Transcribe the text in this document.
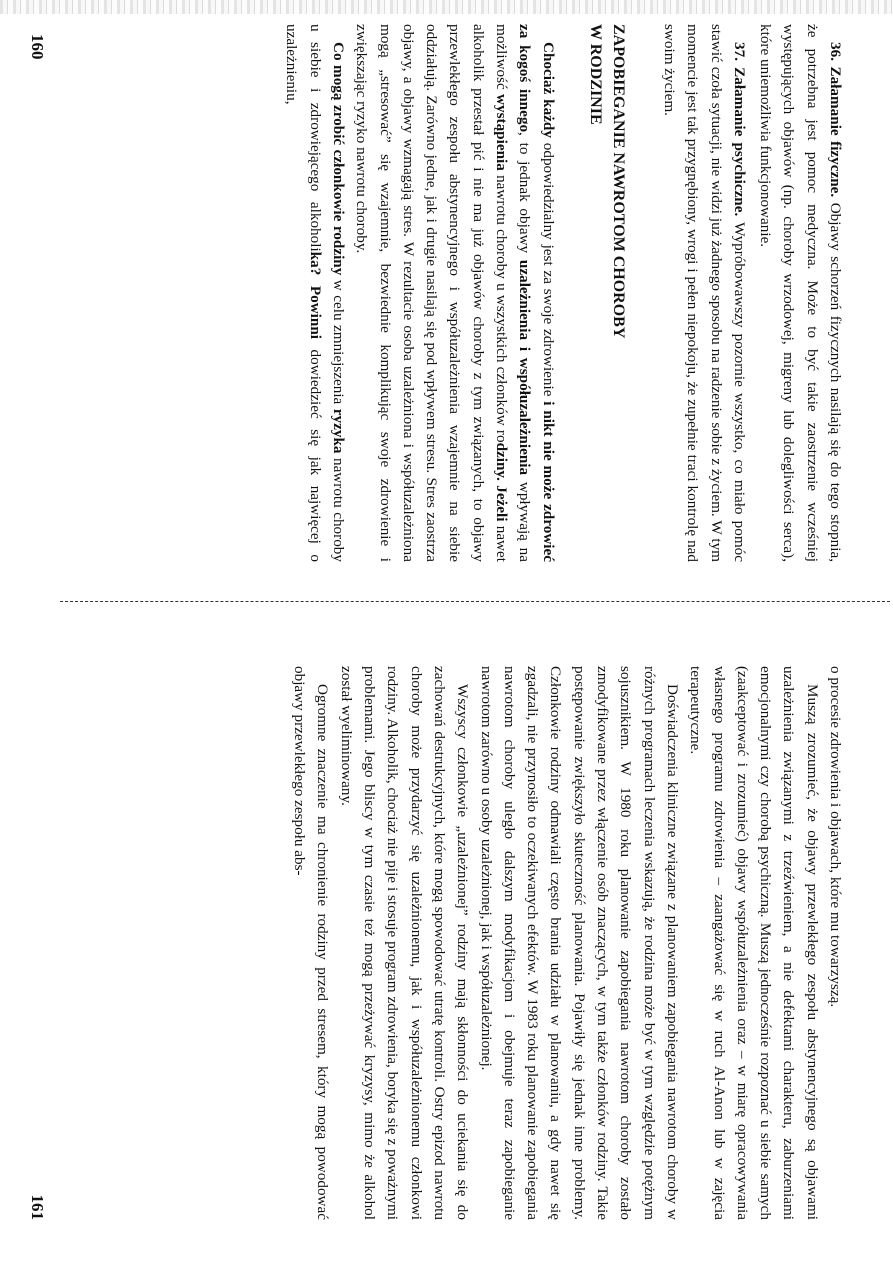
36. Załamanie fizyczne. Objawy schorzeń fizycznych nasilają się do tego stopnia, że potrzebna jest pomoc medyczna. Może to być takie zaostrzenie wcześniej występujących objawów (np. choroby wrzodowej, migreny lub dolegliwości serca), które uniemożliwia funkcjonowanie.

37. Załamanie psychiczne. Wypróbowawszy pozornie wszystko, co miało pomóc stawić czoła sytuacji, nie widzi już żadnego sposobu na radzenie sobie z życiem. W tym momencie jest tak przygnębiony, wrogi i pełen niepokoju, że zupełnie traci kontrolę nad swoim życiem.

ZAPOBIEGANIE NAWROTOM CHOROBY
W RODZINIE

Chociaż każdy odpowiedzialny jest za swoje zdrowienie i nikt nie może zdrowieć za kogoś innego, to jednak objawy uzależnienia i współuzależnienia wpływają na możliwość wystąpienia nawrotu choroby u wszystkich członków rodziny. Jeżeli nawet alkoholik przestał pić i nie ma już objawów choroby z tym związanych, to objawy przewlekłego zespołu abstynencyjnego i współuzależnienia wzajemnie na siebie oddziałują. Zarówno jedne, jak i drugie nasilają się pod wpływem stresu. Stres zaostrza objawy, a objawy wzmagają stres. W rezultacie osoba uzależniona i współuzależniona mogą „stresować” się wzajemnie, bezwiednie komplikując swoje zdrowienie i zwiększając ryzyko nawrotu choroby.

Co mogą zrobić członkowie rodziny w celu zmniejszenia ryzyka nawrotu choroby u siebie i zdrowiejącego alkoholika? Powinni dowiedzieć się jak najwięcej o uzależnieniu,

160

o procesie zdrowienia i objawach, które mu towarzyszą.

Muszą zrozumieć, że objawy przewlekłego zespołu abstynencyjnego są objawami uzależnienia związanymi z trzeźwieniem, a nie defektami charakteru, zaburzeniami emocjonalnymi czy chorobą psychiczną. Muszą jednocześnie rozpoznać u siebie samych (zaakceptować i zrozumieć) objawy współuzależnienia oraz – w miarę opracowywania własnego programu zdrowienia – zaangażować się w ruch Al-Anon lub w zajęcia terapeutyczne.

Doświadczenia kliniczne związane z planowaniem zapobiegania nawrotom choroby w różnych programach leczenia wskazują, że rodzina może być w tym względzie potężnym sojusznikiem. W 1980 roku planowanie zapobiegania nawrotom choroby zostało zmodyfikowane przez włączenie osób znaczących, w tym także członków rodziny. Takie postępowanie zwiększyło skuteczność planowania. Pojawiły się jednak inne problemy. Członkowie rodziny odmawiali często brania udziału w planowaniu, a gdy nawet się zgadzali, nie przynosiło to oczekiwanych efektów. W 1983 roku planowanie zapobiegania nawrotom choroby uległo dalszym modyfikacjom i obejmuje teraz zapobieganie nawrotom zarówno u osoby uzależnionej, jak i współuzależnionej.

Wszyscy członkowie „uzależnionej” rodziny mają skłonności do uciekania się do zachowań destrukcyjnych, które mogą spowodować utratę kontroli. Ostry epizod nawrotu choroby może przydarzyć się uzależnionemu, jak i współuzależnionemu członkowi rodziny. Alkoholik, chociaż nie pije i stosuje program zdrowienia, boryka się z poważnymi problemami. Jego bliscy w tym czasie też mogą przeżywać kryzysy, mimo że alkohol został wyeliminowany.

Ogromne znaczenie ma chronienie rodziny przed stresem, który mogą powodować objawy przewlekłego zespołu abs-

161
